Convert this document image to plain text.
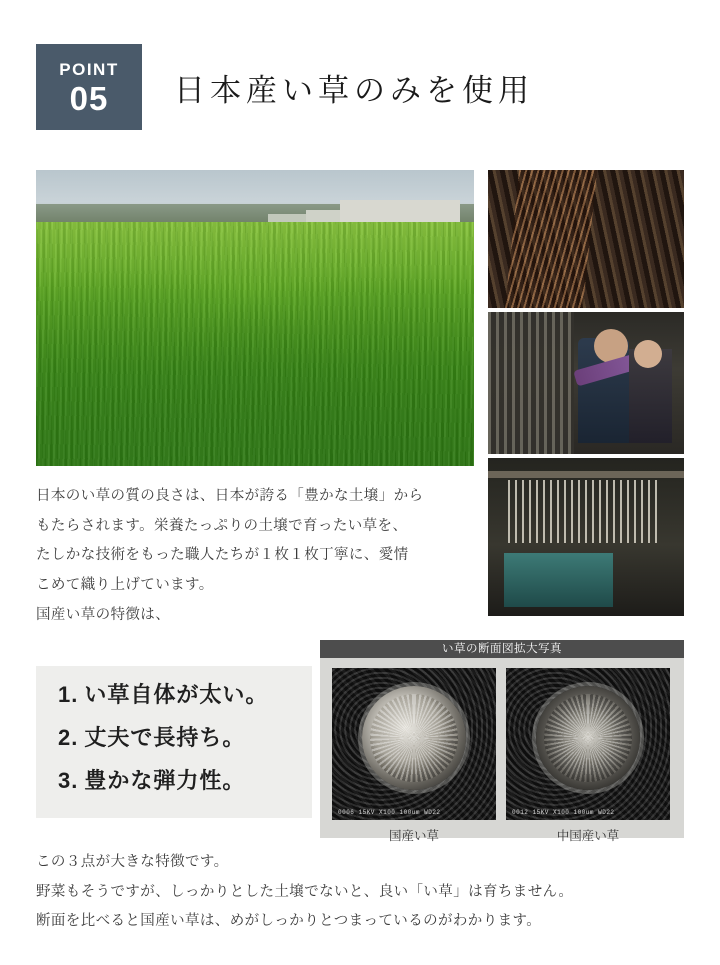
POINT
05 日本産い草のみを使用

日本のい草の質の良さは、日本が誇る「豊かな土壌」から

もたらされます。栄養たっぷりの土壌で育ったい草を、

たしかな技術をもった職人たちが１枚１枚丁寧に、愛情

こめて織り上げています。

国産い草の特徴は、

1. い草自体が太い。
2. 丈夫で長持ち。
3. 豊かな弾力性。
い草の断面図拡大写真
0006 15KV X100 100um WD22	0012 15KV X100 100um WD22
国産い草	中国産い草

この３点が大きな特徴です。

野菜もそうですが、しっかりとした土壌でないと、良い「い草」は育ちません。

断面を比べると国産い草は、めがしっかりとつまっているのがわかります。
